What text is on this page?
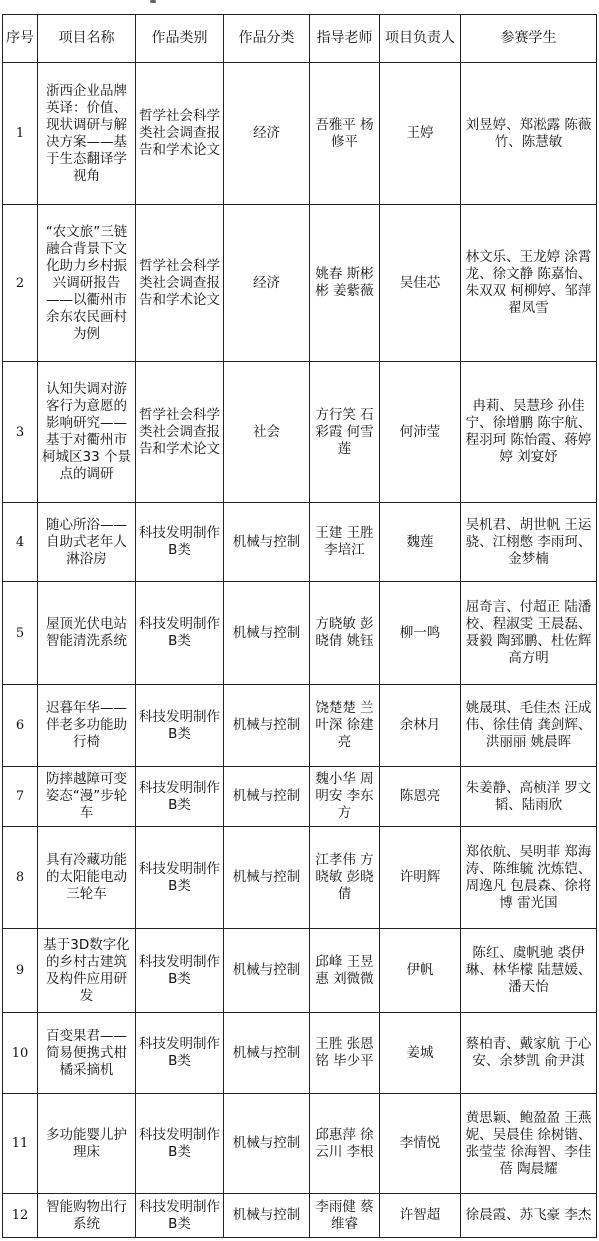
序号	项目名称	作品类别	作品分类	指导老师	项目负责人	参赛学生
1	浙西企业品牌英译：价值、现状调研与解决方案——基于生态翻译学视角	哲学社会科学类社会调查报告和学术论文	经济	吾雅平 杨修平	王婷	刘昱婷、郑淞露 陈薇竹、陈慧敏
2	“农文旅”三链融合背景下文化助力乡村振兴调研报告——以衢州市余东农民画村为例	哲学社会科学类社会调查报告和学术论文	经济	姚春 斯彬彬 姜紫薇	吴佳芯	林文乐、王龙婷 涂霄龙、徐文静 陈嘉怡、朱双双 柯柳婷、邹萍 翟凤雪
3	认知失调对游客行为意愿的影响研究——基于对衢州市柯城区33 个景点的调研	哲学社会科学类社会调查报告和学术论文	社会	方行笑 石彩霞 何雪莲	何沛莹	冉莉、吴慧珍 孙佳宁、徐增鹏 陈宇航、程羽珂 陈怡霞、蒋婷婷 刘宴妤
4	随心所浴——自助式老年人淋浴房	科技发明制作B类	机械与控制	王建 王胜 李培江	魏莲	吴机君、胡世帆 王运骁、江栩憋 李雨珂、金梦楠
5	屋顶光伏电站智能清洗系统	科技发明制作B类	机械与控制	方晓敏 彭晓倩 姚钰	柳一鸣	屈奇言、付超正 陆潘校、程淑雯 王晨磊、聂毅 陶郅鹏、杜佐辉 高方明
6	迟暮年华——伴老多功能助行椅	科技发明制作B类	机械与控制	饶楚楚 兰叶深 徐建亮	余林月	姚晟琪、毛佳杰 汪成伟、徐佳倩 龚剑辉、洪丽丽 姚晨晖
7	防摔越障可变姿态“漫”步轮车	科技发明制作B类	机械与控制	魏小华 周明安 李东方	陈恩亮	朱姜静、高桢洋 罗文韬、陆雨欣
8	具有冷藏功能的太阳能电动三轮车	科技发明制作B类	机械与控制	江孝伟 方晓敏 彭晓倩	许明辉	郑依航、吴明菲 郑海涛、陈维毓 沈炼铠、周逸凡 包晨森、徐将博 雷光国
9	基于3D数字化的乡村古建筑及构件应用研发	科技发明制作B类	机械与控制	邱峰 王昱惠 刘微微	伊帆	陈红、虞帆驰 裘伊琳、林华檬 陆慧媛、潘天怡
10	百变果君——简易便携式柑橘采摘机	科技发明制作B类	机械与控制	王胜 张恩铭 毕少平	姜城	蔡柏青、戴家航 于心安、余梦凯 俞尹淇
11	多功能婴儿护理床	科技发明制作B类	机械与控制	邱惠萍 徐云川 李根	李情悦	黄思颖、鲍盈盈 王燕妮、吴晨佳 徐树锴、张莹莹 徐海智、李佳蓓 陶晨耀
12	智能购物出行系统	科技发明制作B类	机械与控制	李雨健 蔡维睿	许智超	徐晨霞、苏飞豪 李杰
